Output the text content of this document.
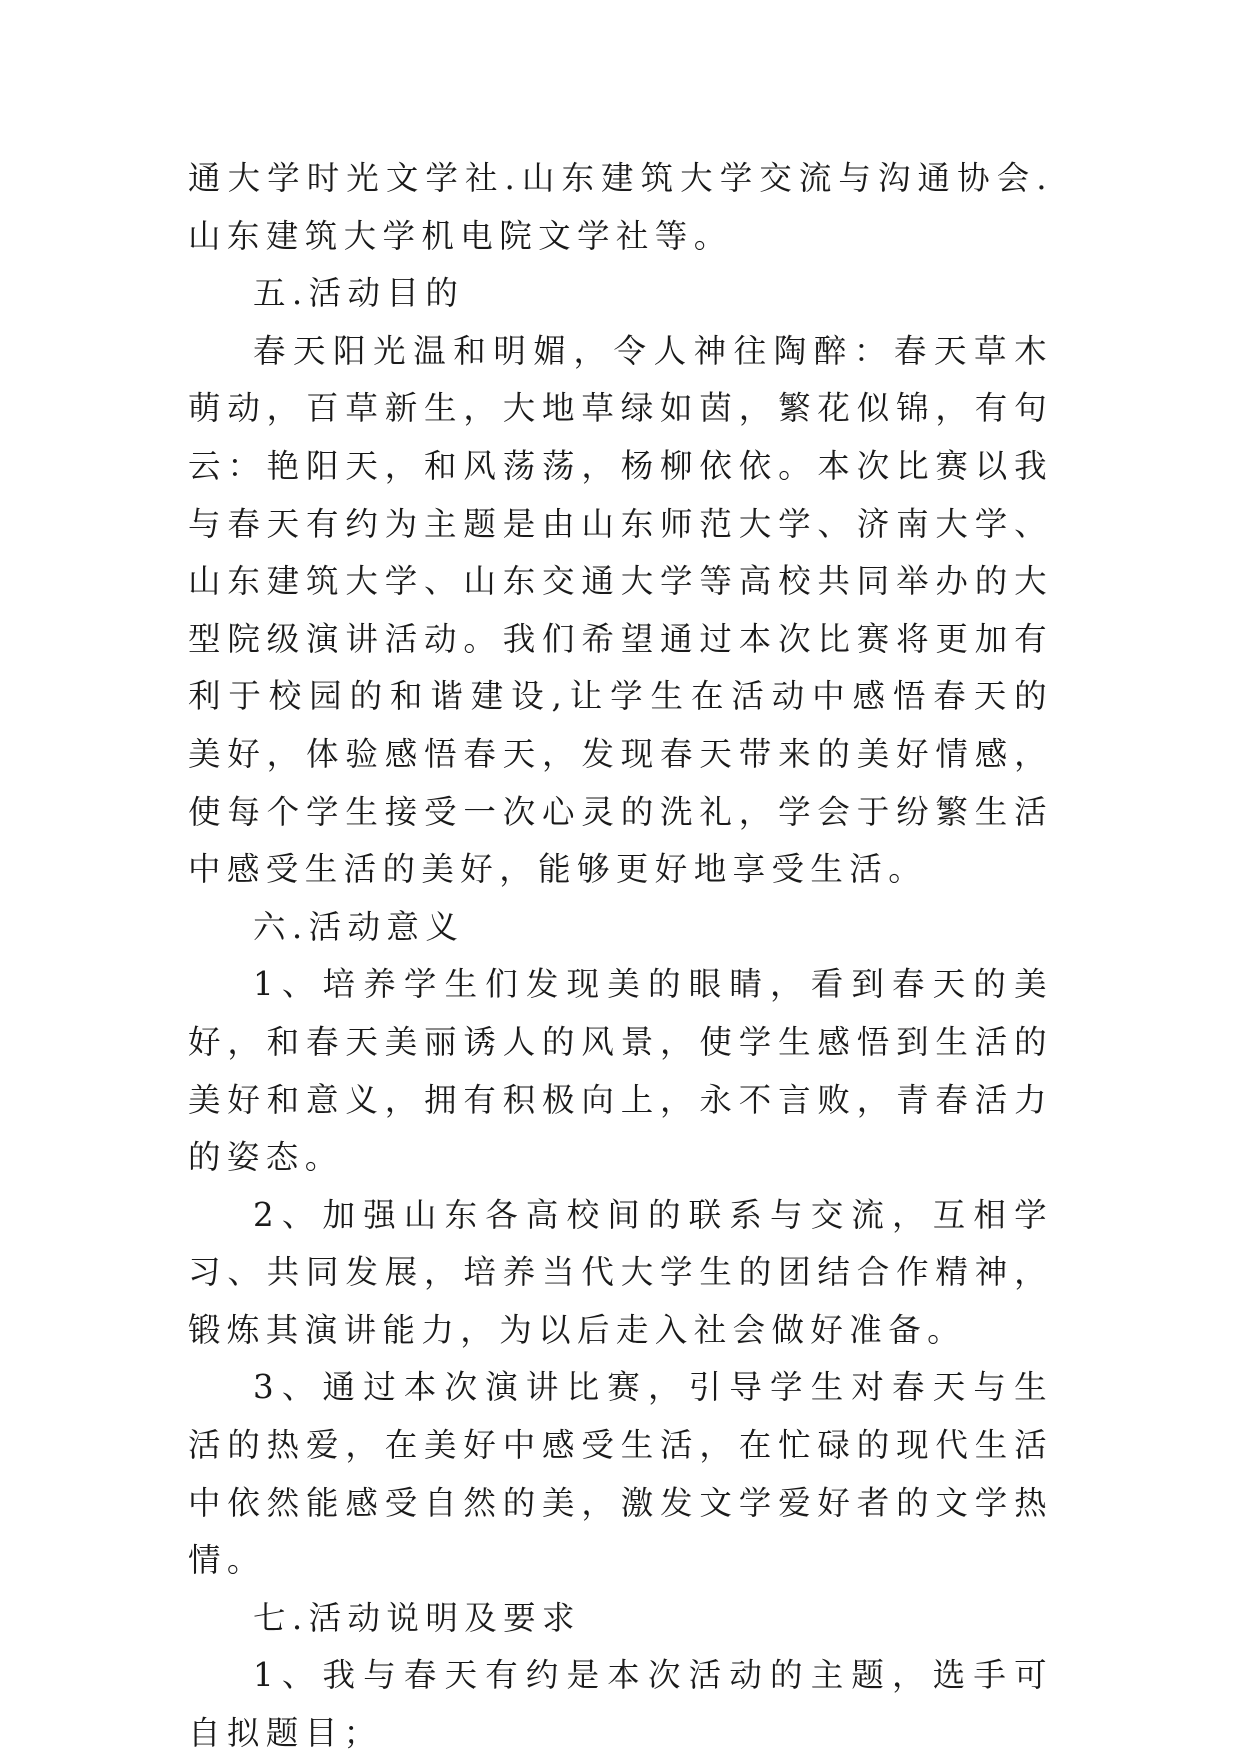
通大学时光文学社.山东建筑大学交流与沟通协会.山东建筑大学机电院文学社等。

五.活动目的

春天阳光温和明媚，令人神往陶醉：春天草木萌动，百草新生，大地草绿如茵，繁花似锦，有句云：艳阳天，和风荡荡，杨柳依依。本次比赛以我与春天有约为主题是由山东师范大学、济南大学、山东建筑大学、山东交通大学等高校共同举办的大型院级演讲活动。我们希望通过本次比赛将更加有利于校园的和谐建设,让学生在活动中感悟春天的美好，体验感悟春天，发现春天带来的美好情感，使每个学生接受一次心灵的洗礼，学会于纷繁生活中感受生活的美好，能够更好地享受生活。

六.活动意义

1、培养学生们发现美的眼睛，看到春天的美好，和春天美丽诱人的风景，使学生感悟到生活的美好和意义，拥有积极向上，永不言败，青春活力的姿态。

2、加强山东各高校间的联系与交流，互相学习、共同发展，培养当代大学生的团结合作精神，锻炼其演讲能力，为以后走入社会做好准备。

3、通过本次演讲比赛，引导学生对春天与生活的热爱，在美好中感受生活，在忙碌的现代生活中依然能感受自然的美，激发文学爱好者的文学热情。

七.活动说明及要求

1、我与春天有约是本次活动的主题，选手可自拟题目；
